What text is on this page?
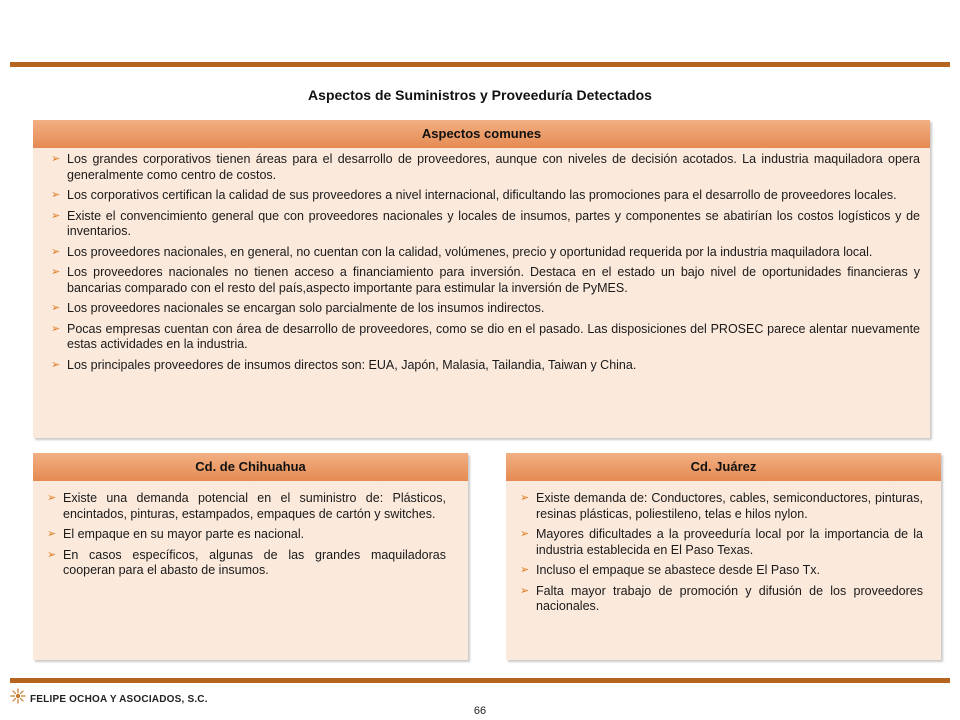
Aspectos de Suministros y Proveeduría Detectados
Aspectos comunes
➢ Los grandes corporativos tienen áreas para el desarrollo de proveedores, aunque con niveles de decisión acotados. La industria maquiladora opera generalmente como centro de costos.
➢ Los corporativos certifican la calidad de sus proveedores a nivel internacional, dificultando las promociones para el desarrollo de proveedores locales.
➢ Existe el convencimiento general que con proveedores nacionales y locales de insumos, partes y componentes se abatirían los costos logísticos y de inventarios.
➢ Los proveedores nacionales, en general, no cuentan con la calidad, volúmenes, precio y oportunidad requerida por la industria maquiladora local.
➢ Los proveedores nacionales no tienen acceso a financiamiento para inversión. Destaca en el estado un bajo nivel de oportunidades financieras y bancarias comparado con el resto del país,aspecto importante para estimular la inversión de PyMES.
➢ Los proveedores nacionales se encargan solo parcialmente de los insumos indirectos.
➢ Pocas empresas cuentan con área de desarrollo de proveedores, como se dio en el pasado. Las disposiciones del PROSEC parece alentar nuevamente estas actividades en la industria.
➢ Los principales proveedores de insumos directos son: EUA, Japón, Malasia, Tailandia, Taiwan y China.
Cd. de Chihuahua
➢ Existe una demanda potencial en el suministro de: Plásticos, encintados, pinturas, estampados, empaques de cartón y switches.
➢ El empaque en su mayor parte es nacional.
➢ En casos específicos, algunas de las grandes maquiladoras cooperan para el abasto de insumos.
Cd. Juárez
➢ Existe demanda de: Conductores, cables, semiconductores, pinturas, resinas plásticas, poliestileno, telas e hilos nylon.
➢ Mayores dificultades a la proveeduría local por la importancia de la industria establecida en El Paso Texas.
➢ Incluso el empaque se abastece desde El Paso Tx.
➢ Falta mayor trabajo de promoción y difusión de los proveedores nacionales.
FELIPE OCHOA Y ASOCIADOS, S.C.
66
